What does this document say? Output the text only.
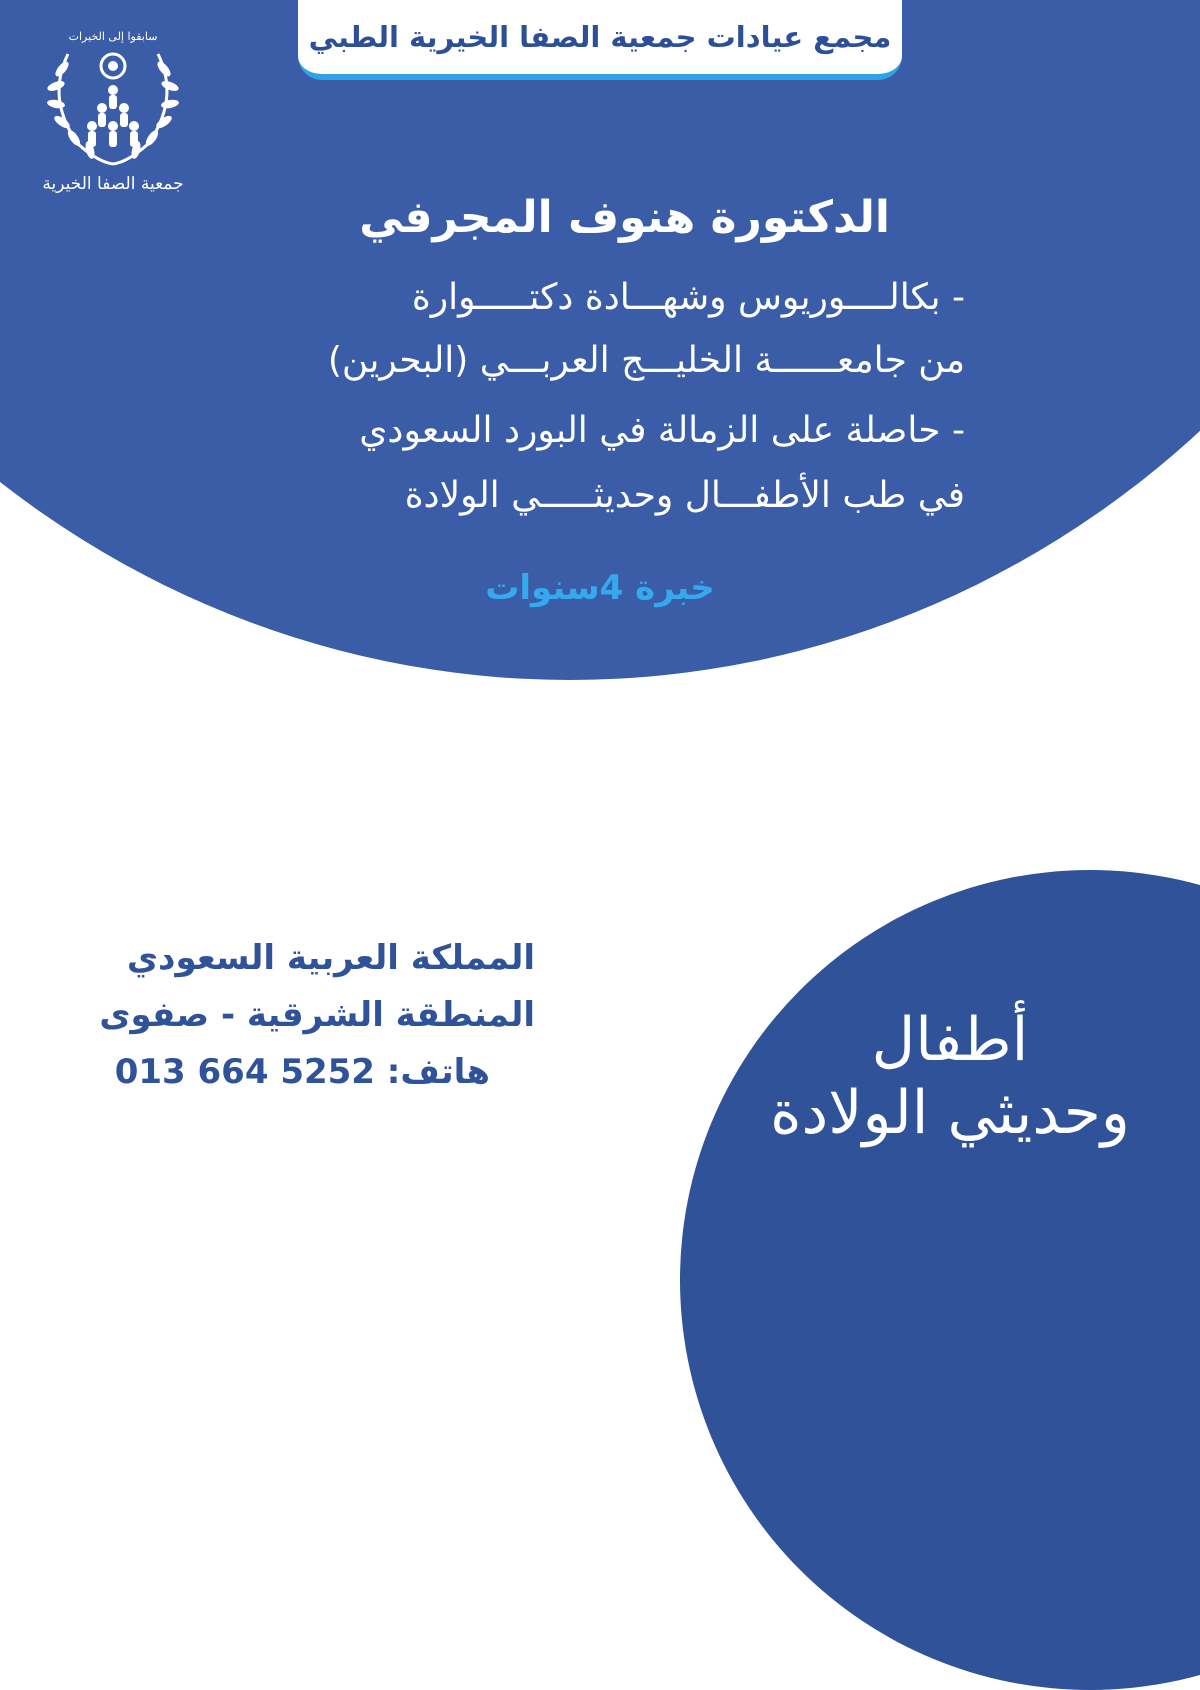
مجمع عيادات جمعية الصفا الخيرية الطبي
سابقوا إلى الخيرات
جمعية الصفا الخيرية
الدكتورة هنوف المجرفي
- بكالــــوريوس وشهـــادة دكتـــــوارة
من جامعــــــة الخليـــج العربـــي (البحرين)
- حاصلة على الزمالة في البورد السعودي
في طب الأطفـــال وحديثـــــي الولادة
خبرة 4سنوات
المملكة العربية السعودي
المنطقة الشرقية - صفوى
هاتف: 013 664 5252	أطفال
وحديثي الولادة
